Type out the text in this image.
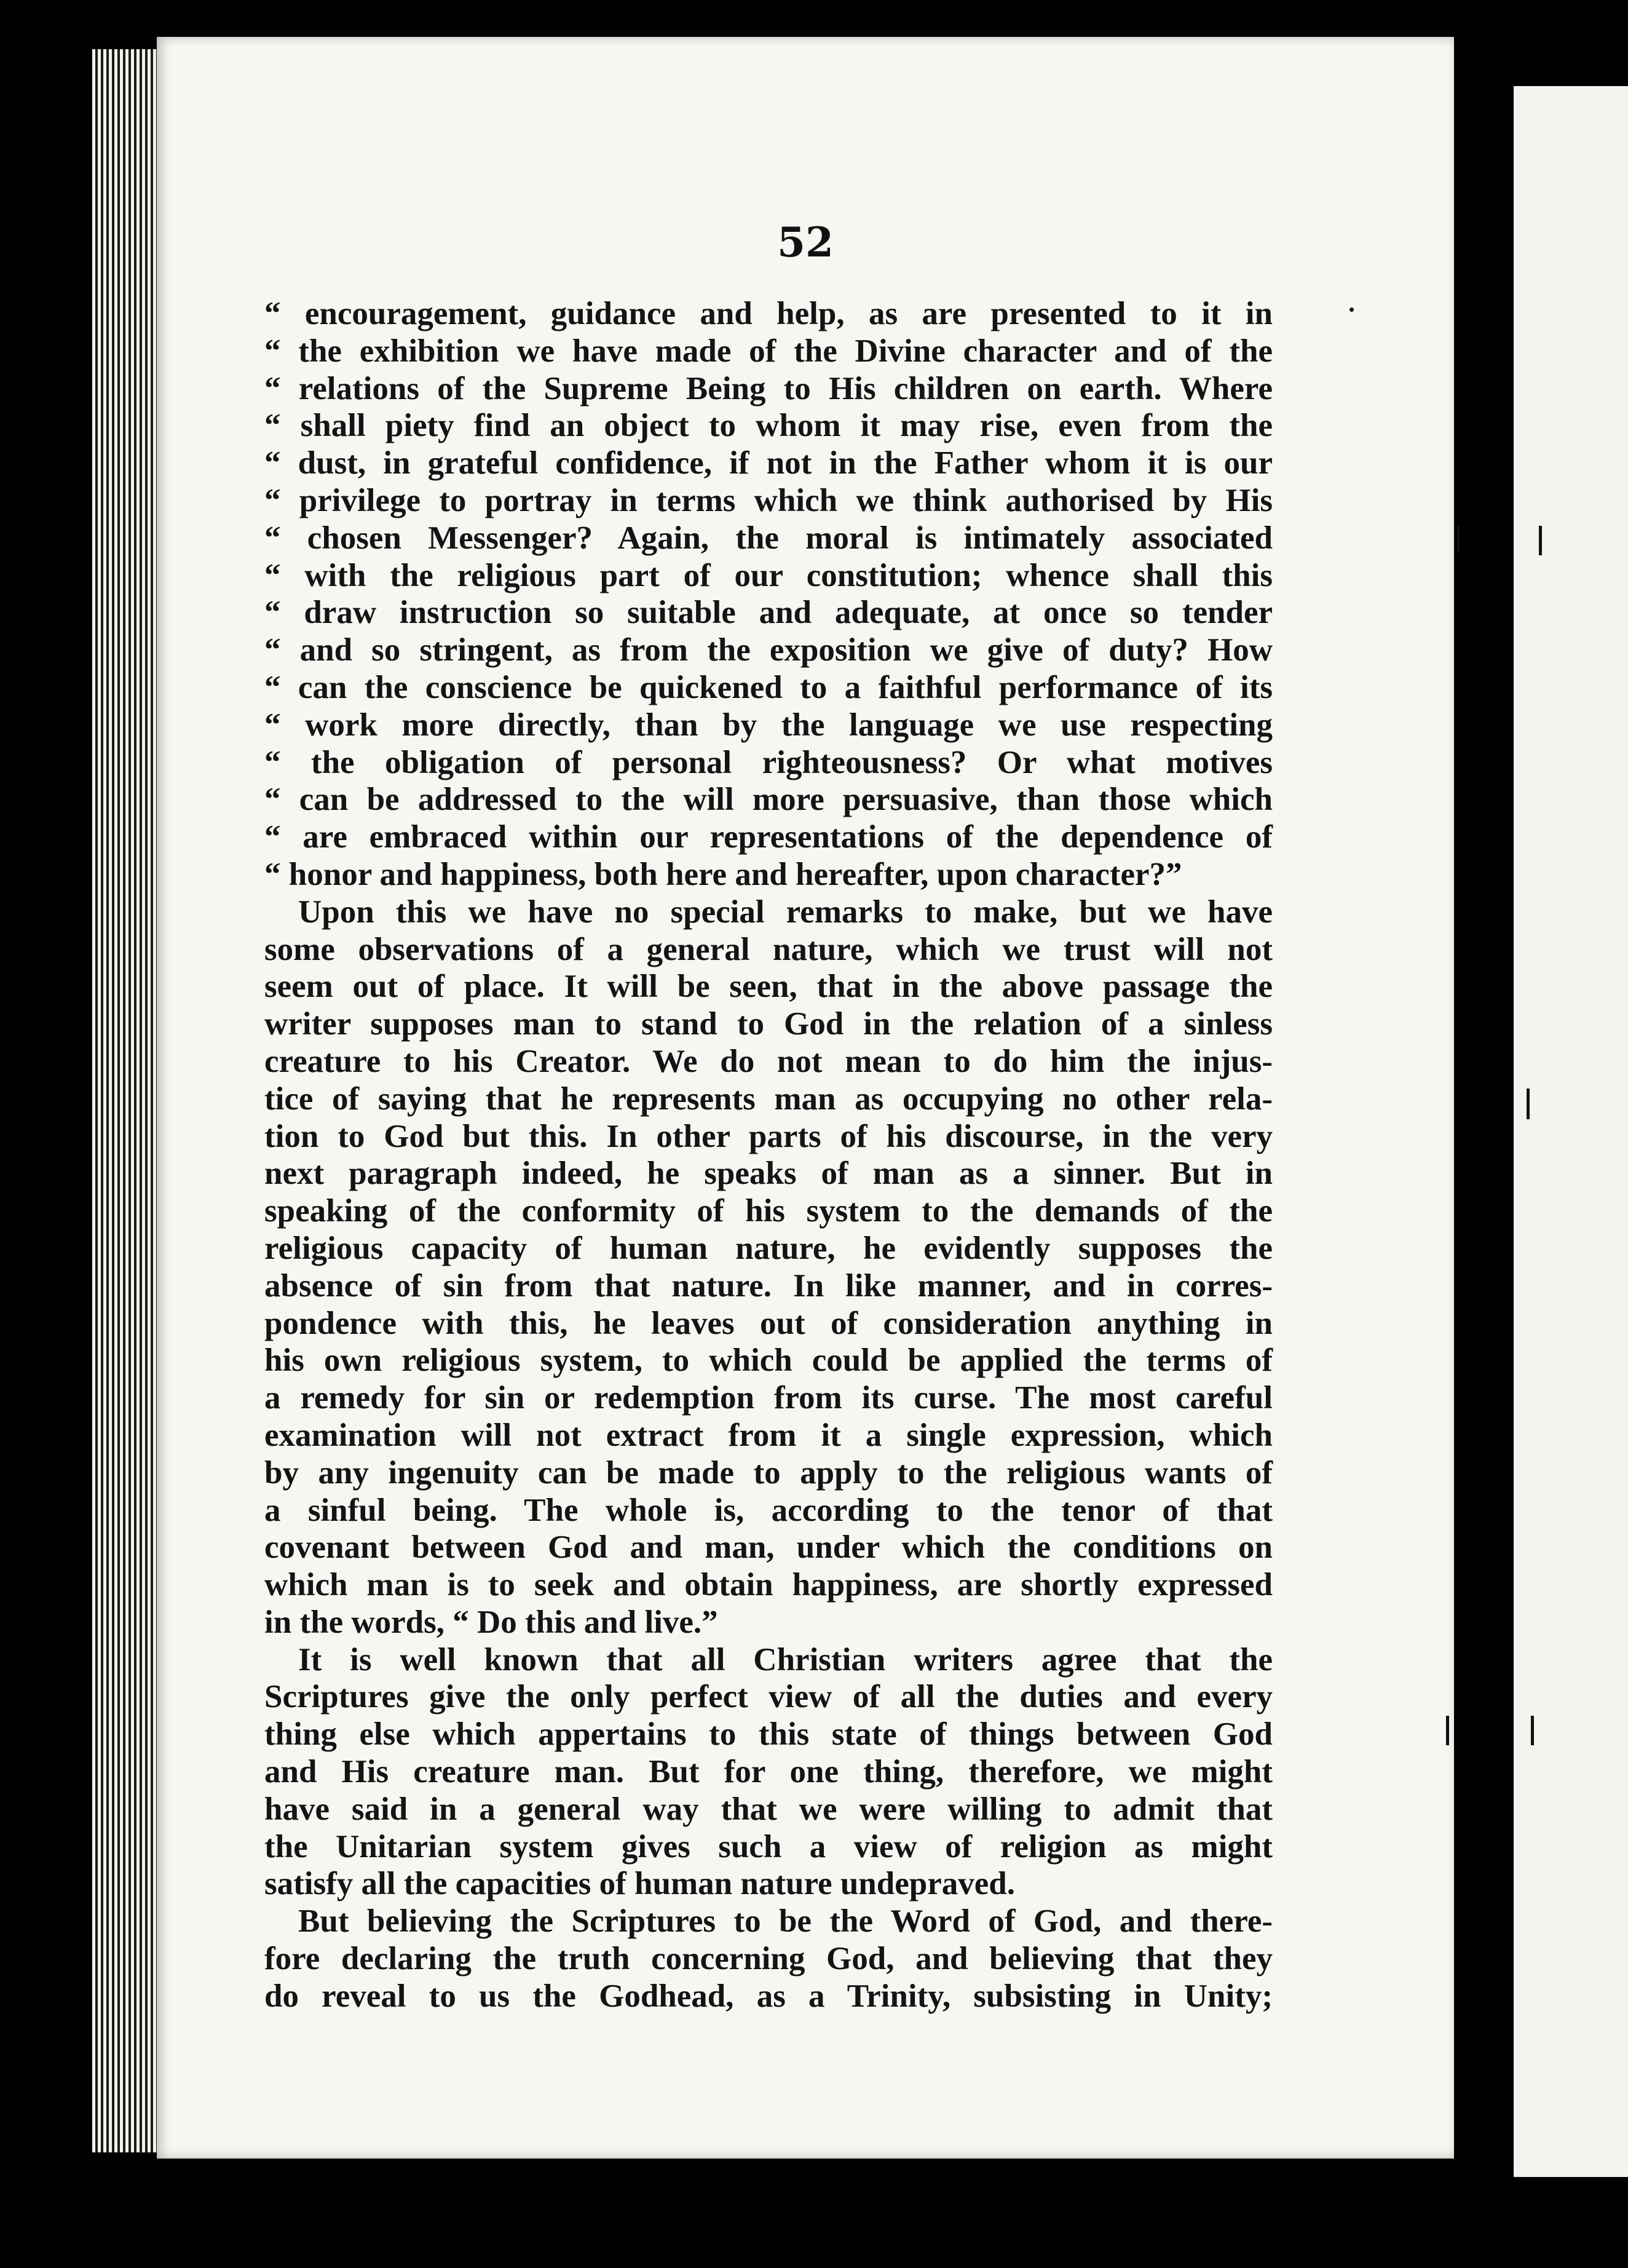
52
“ encouragement, guidance and help, as are presented to it in
“ the exhibition we have made of the Divine character and of the
“ relations of the Supreme Being to His children on earth. Where
“ shall piety find an object to whom it may rise, even from the
“ dust, in grateful confidence, if not in the Father whom it is our
“ privilege to portray in terms which we think authorised by His
“ chosen Messenger? Again, the moral is intimately associated
“ with the religious part of our constitution; whence shall this
“ draw instruction so suitable and adequate, at once so tender
“ and so stringent, as from the exposition we give of duty? How
“ can the conscience be quickened to a faithful performance of its
“ work more directly, than by the language we use respecting
“ the obligation of personal righteousness? Or what motives
“ can be addressed to the will more persuasive, than those which
“ are embraced within our representations of the dependence of
“ honor and happiness, both here and hereafter, upon character?”
Upon this we have no special remarks to make, but we have
some observations of a general nature, which we trust will not
seem out of place. It will be seen, that in the above passage the
writer supposes man to stand to God in the relation of a sinless
creature to his Creator. We do not mean to do him the injus-
tice of saying that he represents man as occupying no other rela-
tion to God but this. In other parts of his discourse, in the very
next paragraph indeed, he speaks of man as a sinner. But in
speaking of the conformity of his system to the demands of the
religious capacity of human nature, he evidently supposes the
absence of sin from that nature. In like manner, and in corres-
pondence with this, he leaves out of consideration anything in
his own religious system, to which could be applied the terms of
a remedy for sin or redemption from its curse. The most careful
examination will not extract from it a single expression, which
by any ingenuity can be made to apply to the religious wants of
a sinful being. The whole is, according to the tenor of that
covenant between God and man, under which the conditions on
which man is to seek and obtain happiness, are shortly expressed
in the words, “ Do this and live.”
It is well known that all Christian writers agree that the
Scriptures give the only perfect view of all the duties and every
thing else which appertains to this state of things between God
and His creature man. But for one thing, therefore, we might
have said in a general way that we were willing to admit that
the Unitarian system gives such a view of religion as might
satisfy all the capacities of human nature undepraved.
But believing the Scriptures to be the Word of God, and there-
fore declaring the truth concerning God, and believing that they
do reveal to us the Godhead, as a Trinity, subsisting in Unity;
